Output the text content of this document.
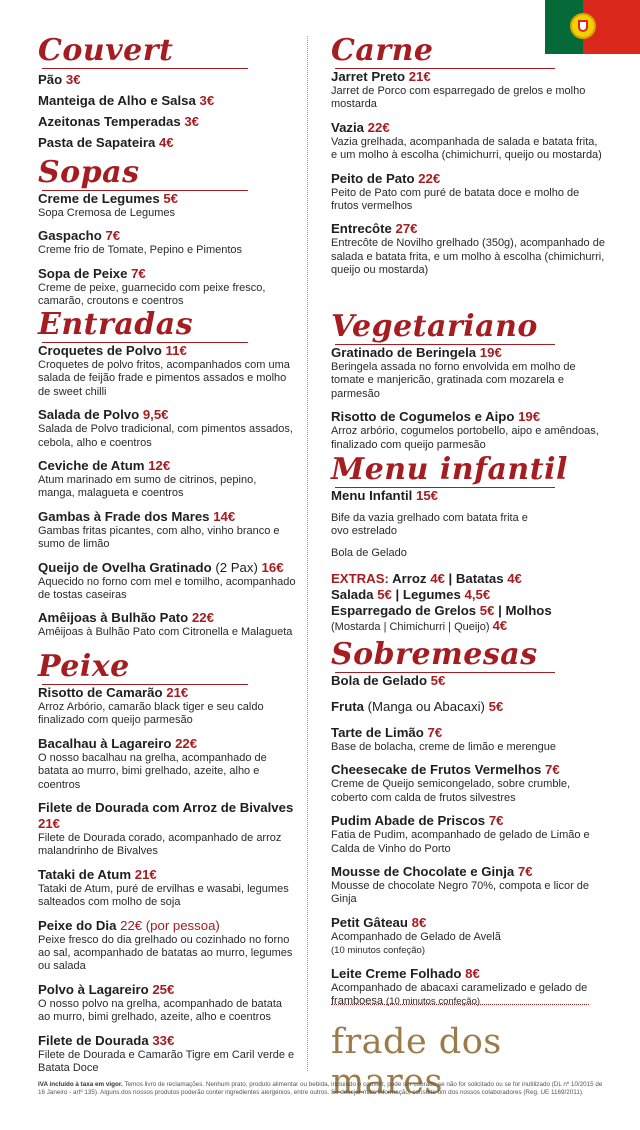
Couvert
Pão 3€
Manteiga de Alho e Salsa 3€
Azeitonas Temperadas 3€
Pasta de Sapateira 4€
Sopas
Creme de Legumes 5€
Sopa Cremosa de Legumes
Gaspacho 7€
Creme frio de Tomate, Pepino e Pimentos
Sopa de Peixe 7€
Creme de peixe, guarnecido com peixe fresco, camarão, croutons e coentros
Entradas
Croquetes de Polvo 11€
Croquetes de polvo fritos, acompanhados com uma salada de feijão frade e pimentos assados e molho de sweet chilli
Salada de Polvo 9,5€
Salada de Polvo tradicional, com pimentos assados, cebola, alho e coentros
Ceviche de Atum 12€
Atum marinado em sumo de citrinos, pepino, manga, malagueta e coentros
Gambas à Frade dos Mares 14€
Gambas fritas picantes, com alho, vinho branco e sumo de limão
Queijo de Ovelha Gratinado (2 Pax) 16€
Aquecido no forno com mel e tomilho, acompanhado de tostas caseiras
Amêijoas à Bulhão Pato 22€
Amêijoas à Bulhão Pato com Citronella e Malagueta
Peixe
Risotto de Camarão 21€
Arroz Arbório, camarão black tiger e seu caldo finalizado com queijo parmesão
Bacalhau à Lagareiro 22€
O nosso bacalhau na grelha, acompanhado de batata ao murro, bimi grelhado, azeite, alho e coentros
Filete de Dourada com Arroz de Bivalves 21€
Filete de Dourada corado, acompanhado de arroz malandrinho de Bivalves
Tataki de Atum 21€
Tataki de Atum, puré de ervilhas e wasabi, legumes salteados com molho de soja
Peixe do Dia 22€ (por pessoa)
Peixe fresco do dia grelhado ou cozinhado no forno ao sal, acompanhado de batatas ao murro, legumes ou salada
Polvo à Lagareiro 25€
O nosso polvo na grelha, acompanhado de batata ao murro, bimi grelhado, azeite, alho e coentros
Filete de Dourada 33€
Filete de Dourada e Camarão Tigre em Caril verde e Batata Doce
Carne
Jarret Preto 21€
Jarret de Porco com esparregado de grelos e molho mostarda
Vazia 22€
Vazia grelhada, acompanhada de salada e batata frita, e um molho à escolha (chimichurri, queijo ou mostarda)
Peito de Pato 22€
Peito de Pato com puré de batata doce e molho de frutos vermelhos
Entrecôte 27€
Entrecôte de Novilho grelhado (350g), acompanhado de salada e batata frita, e um molho à escolha (chimichurri, queijo ou mostarda)
Vegetariano
Gratinado de Beringela 19€
Beringela assada no forno envolvida em molho de tomate e manjericão, gratinada com mozarela e parmesão
Risotto de Cogumelos e Aipo 19€
Arroz arbório, cogumelos portobello, aipo e amêndoas, finalizado com queijo parmesão
Menu infantil
Menu Infantil 15€
Bife da vazia grelhado com batata frita e ovo estrelado
Bola de Gelado
EXTRAS: Arroz 4€ | Batatas 4€
Salada 5€ | Legumes 4,5€
Esparregado de Grelos 5€ | Molhos
(Mostarda | Chimichurri | Queijo) 4€
Sobremesas
Bola de Gelado 5€
Fruta (Manga ou Abacaxi) 5€
Tarte de Limão 7€
Base de bolacha, creme de limão e merengue
Cheesecake de Frutos Vermelhos 7€
Creme de Queijo semicongelado, sobre crumble, coberto com calda de frutos silvestres
Pudim Abade de Priscos 7€
Fatia de Pudim, acompanhado de gelado de Limão e Calda de Vinho do Porto
Mousse de Chocolate e Ginja 7€
Mousse de chocolate Negro 70%, compota e licor de Ginja
Petit Gâteau 8€
Acompanhado de Gelado de Avelã
(10 minutos confeção)
Leite Creme Folhado 8€
Acompanhado de abacaxi caramelizado e gelado de framboesa (10 minutos confeção)
frade dos mares
IVA incluído à taxa em vigor. Temos livro de reclamações. Nenhum prato, produto alimentar ou bebida, incluindo o couvert, pode ser cobrado se não for solicitado ou se for inutilizado (DL nº 10/2015 de 16 Janeiro - artº 135). Alguns dos nossos produtos poderão conter ingredientes alergénios, entre outros. Se desejar mais informação, consulte um dos nossos colaboradores (Reg. UE 1169/2011).
